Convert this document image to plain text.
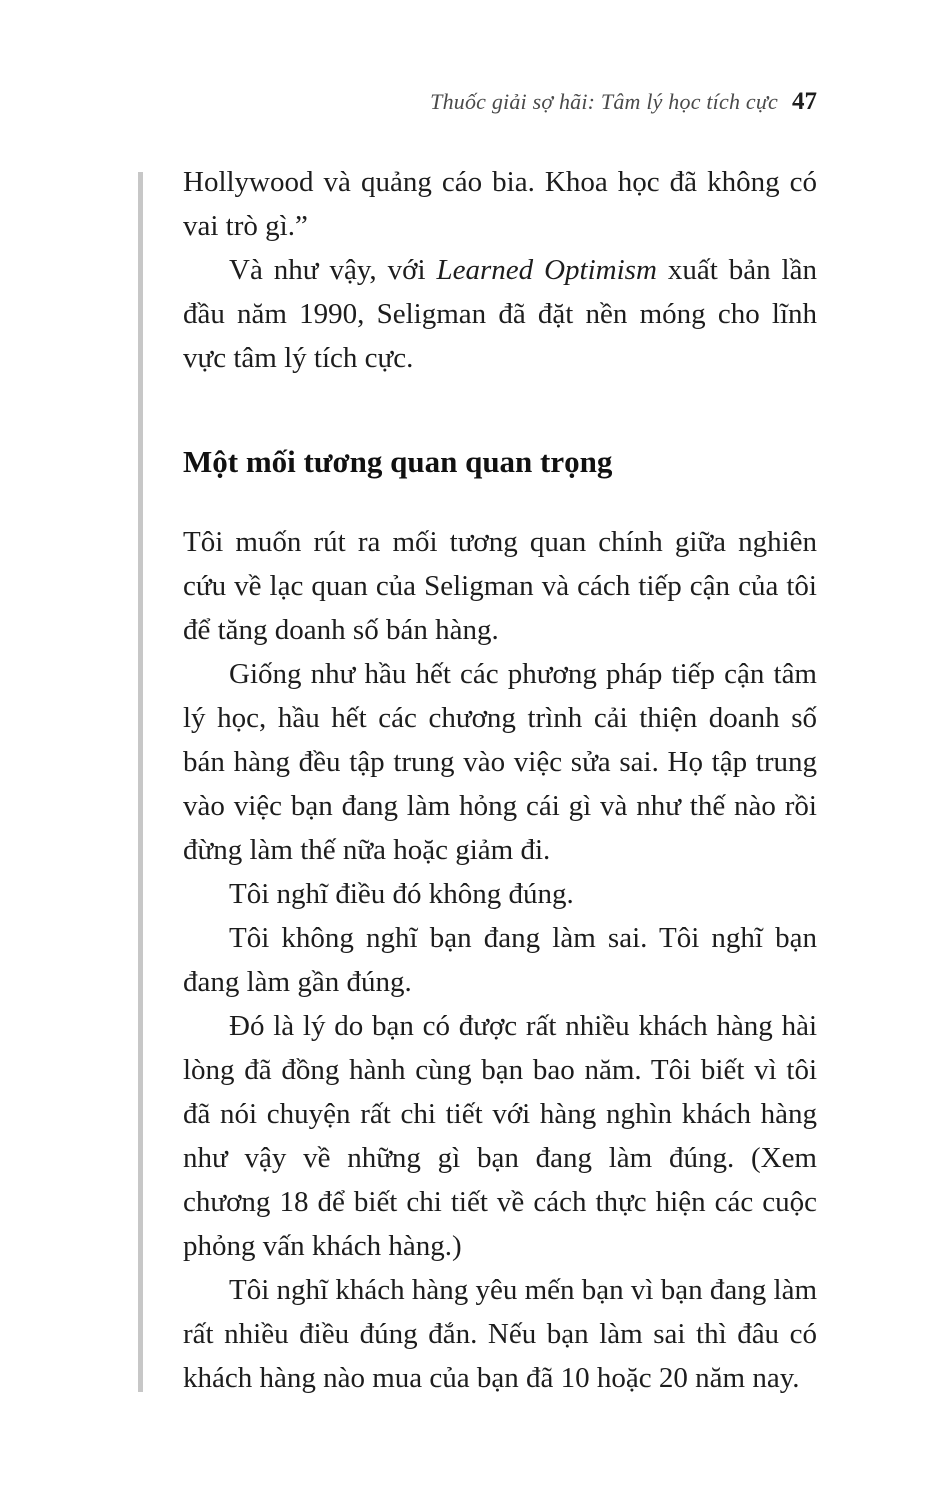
Thuốc giải sợ hãi: Tâm lý học tích cực 47

Hollywood và quảng cáo bia. Khoa học đã không có vai trò gì.”

Và như vậy, với Learned Optimism xuất bản lần đầu năm 1990, Seligman đã đặt nền móng cho lĩnh vực tâm lý tích cực.

Một mối tương quan quan trọng

Tôi muốn rút ra mối tương quan chính giữa nghiên cứu về lạc quan của Seligman và cách tiếp cận của tôi để tăng doanh số bán hàng.

Giống như hầu hết các phương pháp tiếp cận tâm lý học, hầu hết các chương trình cải thiện doanh số bán hàng đều tập trung vào việc sửa sai. Họ tập trung vào việc bạn đang làm hỏng cái gì và như thế nào rồi đừng làm thế nữa hoặc giảm đi.

Tôi nghĩ điều đó không đúng.

Tôi không nghĩ bạn đang làm sai. Tôi nghĩ bạn đang làm gần đúng.

Đó là lý do bạn có được rất nhiều khách hàng hài lòng đã đồng hành cùng bạn bao năm. Tôi biết vì tôi đã nói chuyện rất chi tiết với hàng nghìn khách hàng như vậy về những gì bạn đang làm đúng. (Xem chương 18 để biết chi tiết về cách thực hiện các cuộc phỏng vấn khách hàng.)

Tôi nghĩ khách hàng yêu mến bạn vì bạn đang làm rất nhiều điều đúng đắn. Nếu bạn làm sai thì đâu có khách hàng nào mua của bạn đã 10 hoặc 20 năm nay.
